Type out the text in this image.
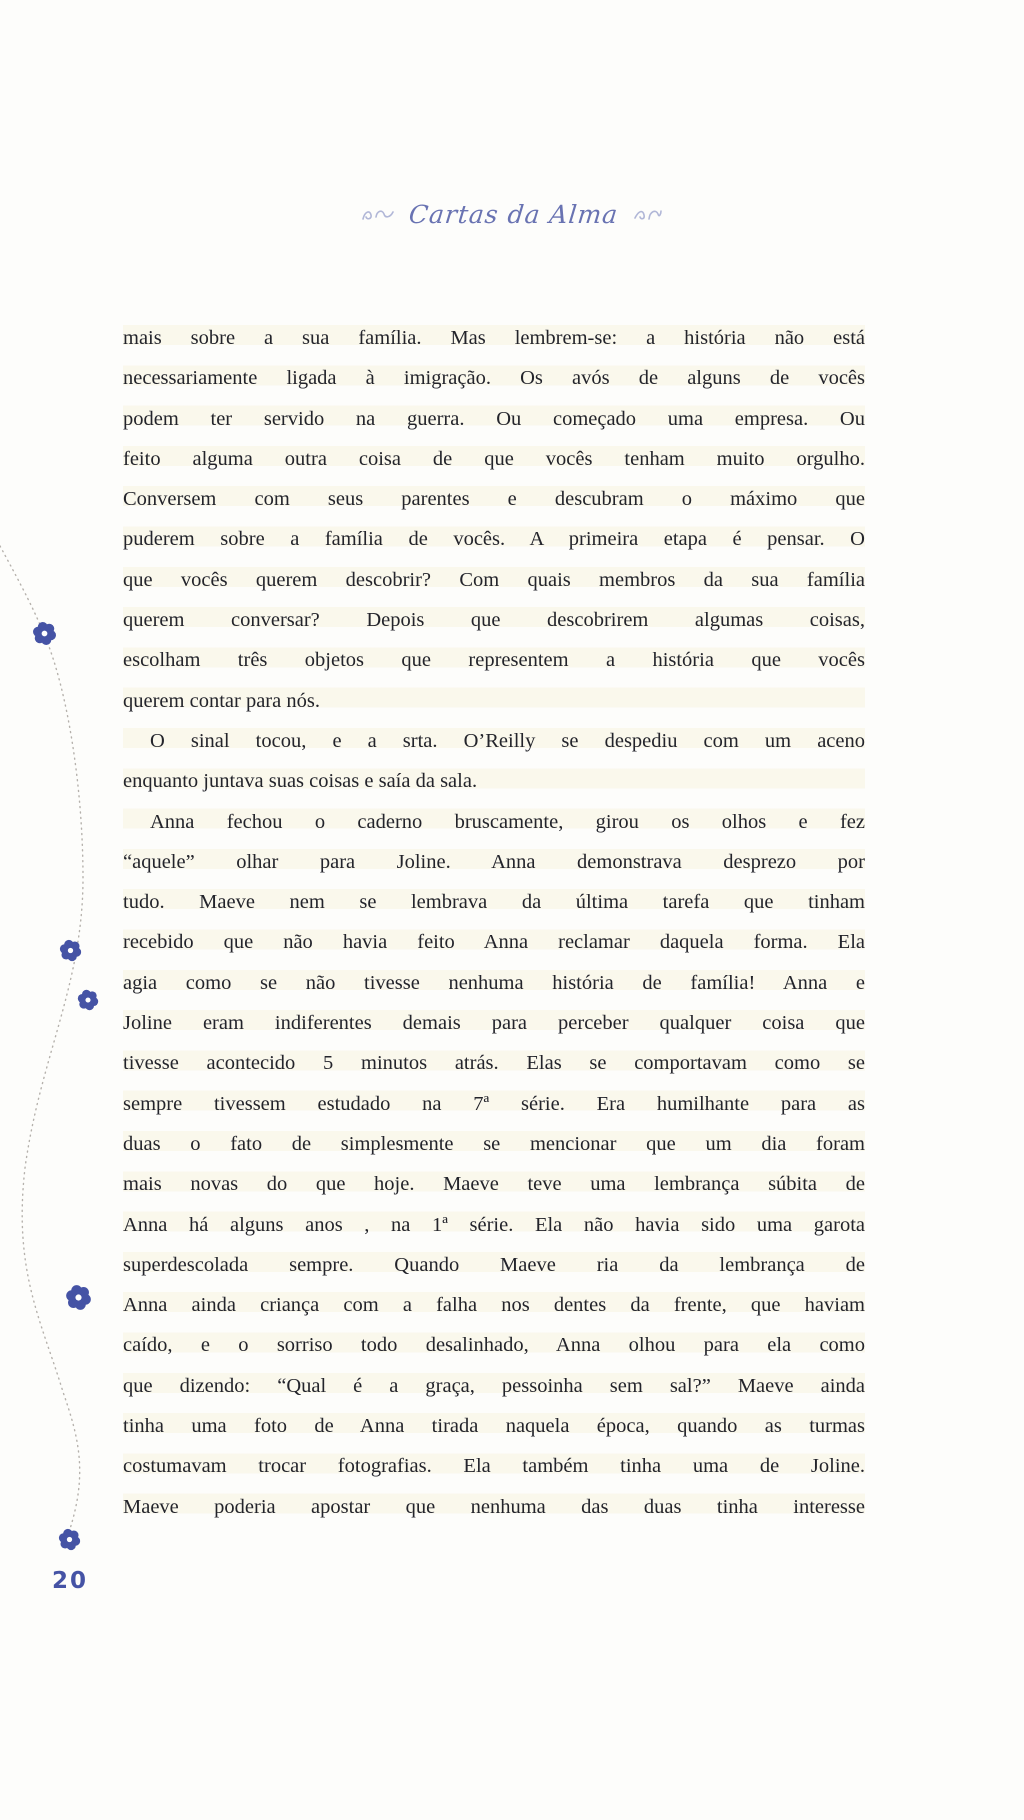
Cartas da Alma
mais sobre a sua família. Mas lembrem-se: a história não está
necessariamente ligada à imigração. Os avós de alguns de vocês
podem ter servido na guerra. Ou começado uma empresa. Ou
feito alguma outra coisa de que vocês tenham muito orgulho.
Conversem com seus parentes e descubram o máximo que
puderem sobre a família de vocês. A primeira etapa é pensar. O
que vocês querem descobrir? Com quais membros da sua família
querem conversar? Depois que descobrirem algumas coisas,
escolham três objetos que representem a história que vocês
querem contar para nós.
O sinal tocou, e a srta. O’Reilly se despediu com um aceno
enquanto juntava suas coisas e saía da sala.
Anna fechou o caderno bruscamente, girou os olhos e fez
“aquele” olhar para Joline. Anna demonstrava desprezo por
tudo. Maeve nem se lembrava da última tarefa que tinham
recebido que não havia feito Anna reclamar daquela forma. Ela
agia como se não tivesse nenhuma história de família! Anna e
Joline eram indiferentes demais para perceber qualquer coisa que
tivesse acontecido 5 minutos atrás. Elas se comportavam como se
sempre tivessem estudado na 7ª série. Era humilhante para as
duas o fato de simplesmente se mencionar que um dia foram
mais novas do que hoje. Maeve teve uma lembrança súbita de
Anna há alguns anos , na 1ª série. Ela não havia sido uma garota
superdescolada sempre. Quando Maeve ria da lembrança de
Anna ainda criança com a falha nos dentes da frente, que haviam
caído, e o sorriso todo desalinhado, Anna olhou para ela como
que dizendo: “Qual é a graça, pessoinha sem sal?” Maeve ainda
tinha uma foto de Anna tirada naquela época, quando as turmas
costumavam trocar fotografias. Ela também tinha uma de Joline.
Maeve poderia apostar que nenhuma das duas tinha interesse
20
